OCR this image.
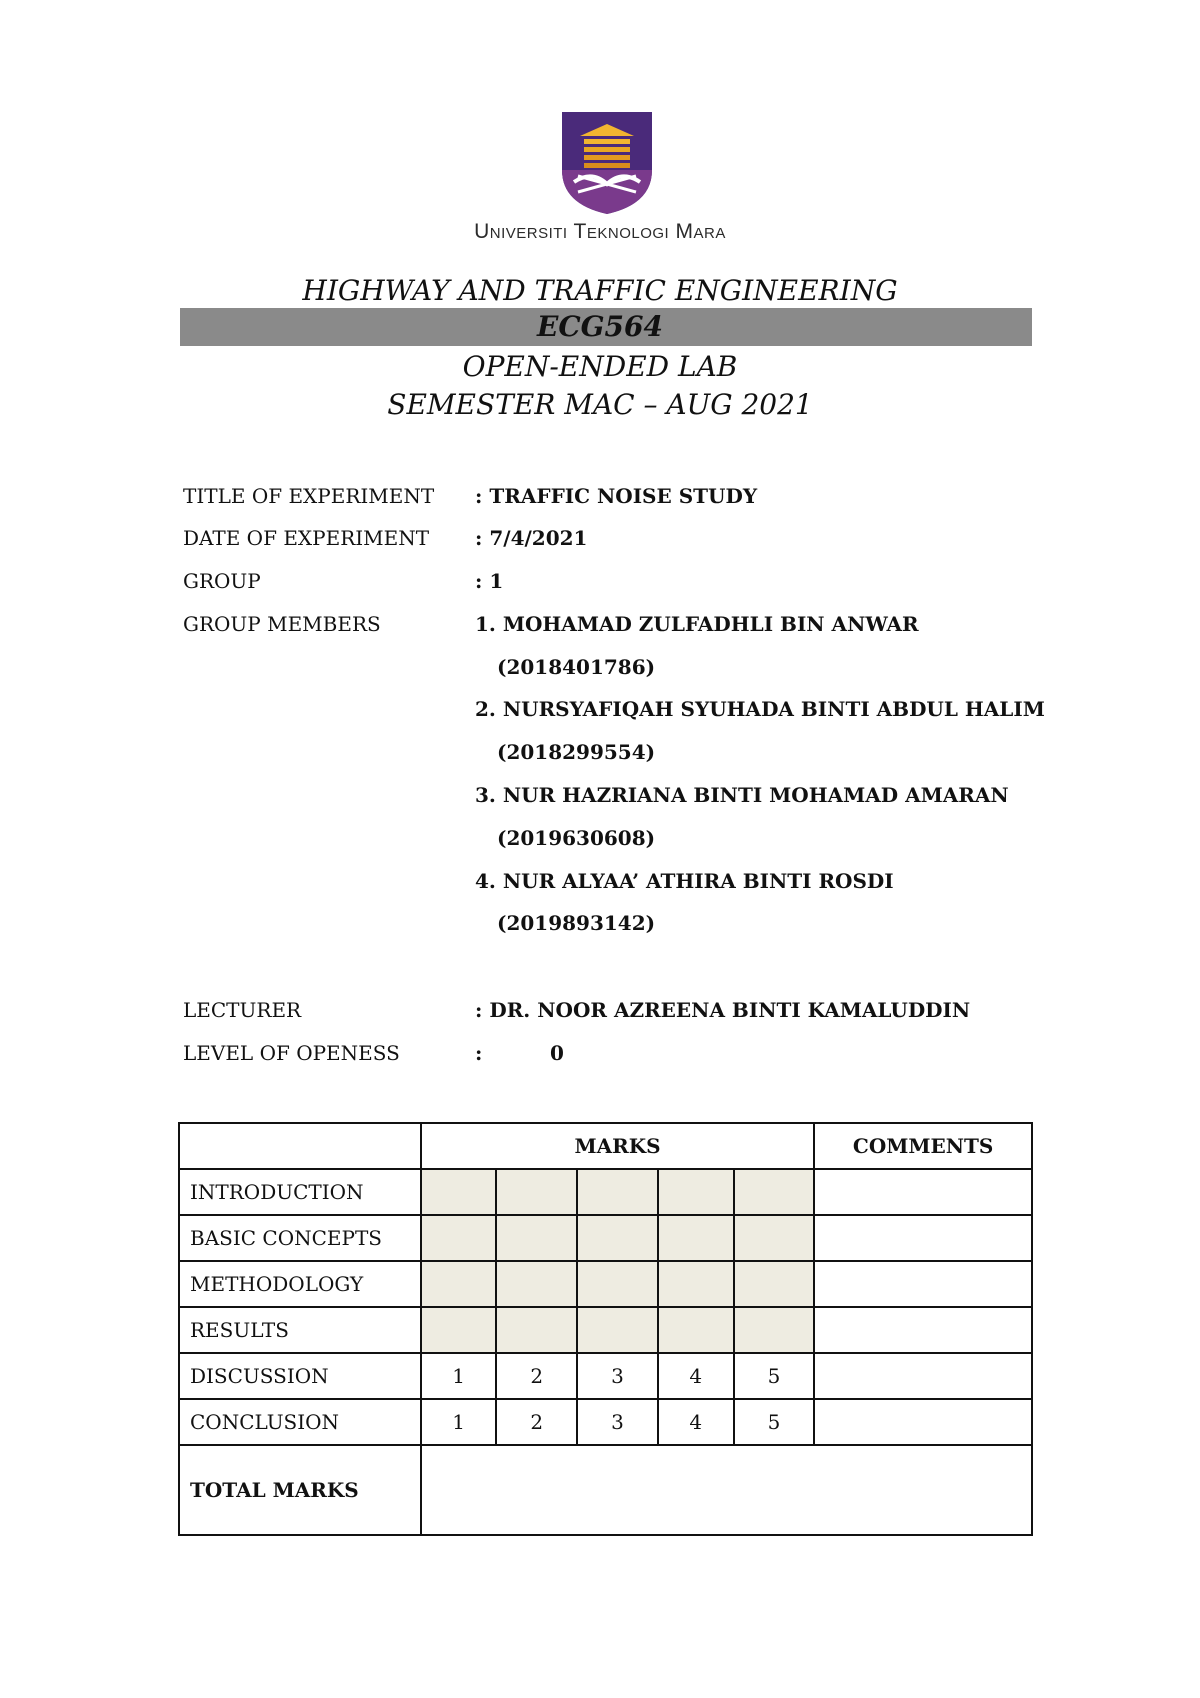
Universiti Teknologi Mara
HIGHWAY AND TRAFFIC ENGINEERING
ECG564
OPEN-ENDED LAB
SEMESTER MAC – AUG 2021
TITLE OF EXPERIMENT : TRAFFIC NOISE STUDY
DATE OF EXPERIMENT : 7/4/2021
GROUP	: 1
GROUP MEMBERS	1. MOHAMAD ZULFADHLI BIN ANWAR
(2018401786)
2. NURSYAFIQAH SYUHADA BINTI ABDUL HALIM
(2018299554)
3. NUR HAZRIANA BINTI MOHAMAD AMARAN
(2019630608)
4. NUR ALYAA’ ATHIRA BINTI ROSDI
(2019893142)
LECTURER	: DR. NOOR AZREENA BINTI KAMALUDDIN
LEVEL OF OPENESS	:	0
	MARKS					COMMENTS
INTRODUCTION						
BASIC CONCEPTS						
METHODOLOGY						
RESULTS						
DISCUSSION	1	2	3	4	5	
CONCLUSION	1	2	3	4	5	
TOTAL MARKS						
